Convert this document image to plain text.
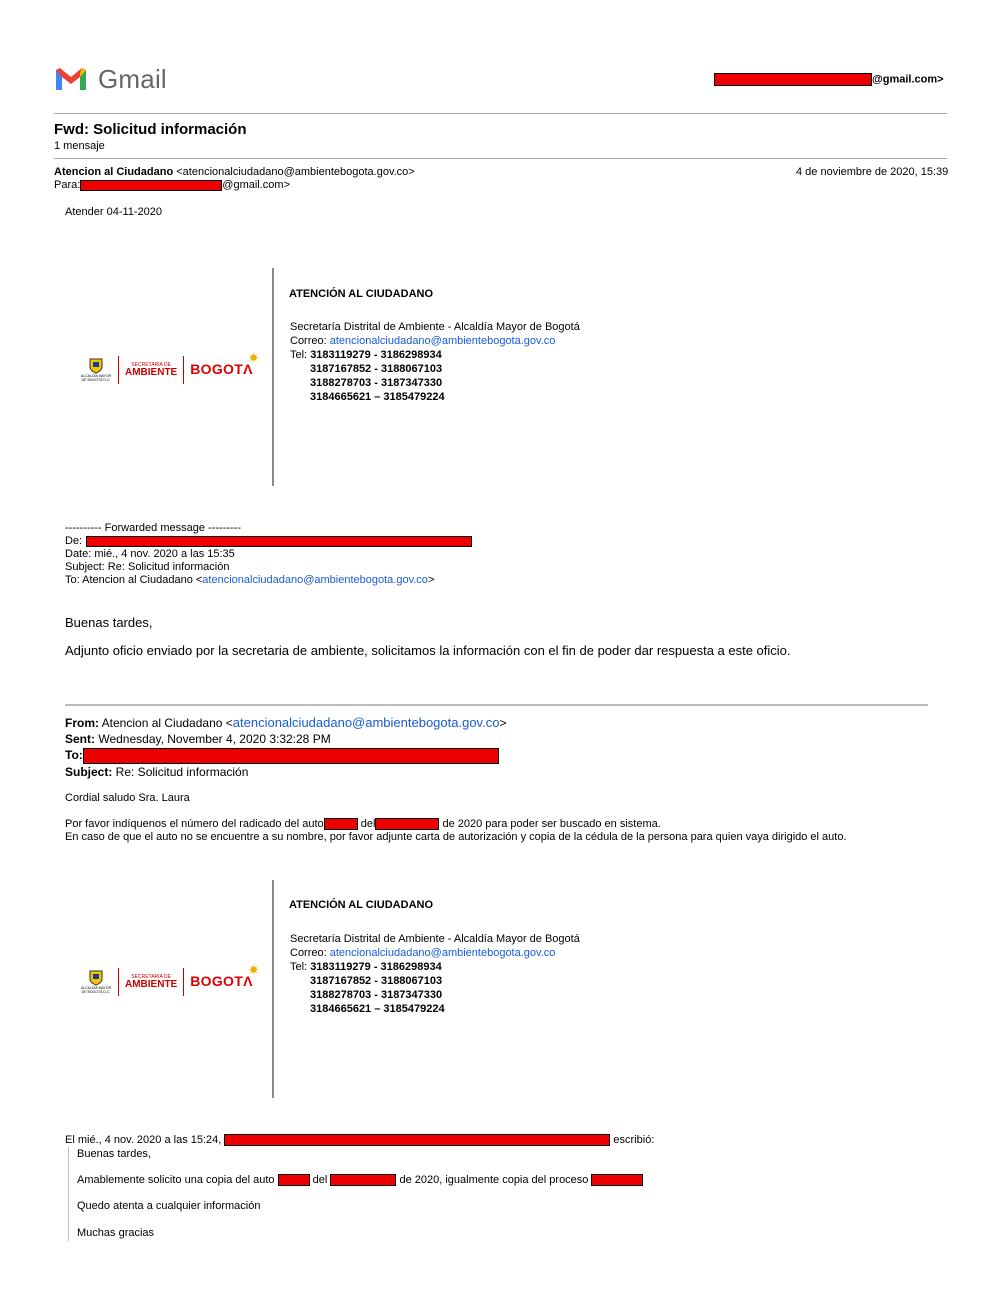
Gmail	@gmail.com>
Fwd: Solicitud información
1 mensaje
Atencion al Ciudadano <atencionalciudadano@ambientebogota.gov.co>	4 de noviembre de 2020, 15:39
Para:	@gmail.com>
Atender 04-11-2020
ALCALDÍA MAYOR DE BOGOTÁ D.C.
SECRETARÍA DE
AMBIENTE BOGOTΛ
✸
ATENCIÓN AL CIUDADANO
Secretaría Distrital de Ambiente - Alcaldía Mayor de Bogotá
Correo: atencionalciudadano@ambientebogota.gov.co
Tel: 3183119279 - 3186298934
3187167852 - 3188067103
3188278703 - 3187347330
3184665621 – 3185479224
---------- Forwarded message ---------
De:
Date: mié., 4 nov. 2020 a las 15:35
Subject: Re: Solicitud información
To: Atencion al Ciudadano <atencionalciudadano@ambientebogota.gov.co>
Buenas tardes,
Adjunto oficio enviado por la secretaria de ambiente, solicitamos la información con el fin de poder dar respuesta a este oficio.
From: Atencion al Ciudadano <atencionalciudadano@ambientebogota.gov.co>
Sent: Wednesday, November 4, 2020 3:32:28 PM
To:
Subject: Re: Solicitud información
Cordial saludo Sra. Laura
Por favor indíquenos el número del radicado del auto	del	de 2020 para poder ser buscado en sistema.
En caso de que el auto no se encuentre a su nombre, por favor adjunte carta de autorización y copia de la cédula de la persona para quien vaya dirigido el auto.
ALCALDÍA MAYOR DE BOGOTÁ D.C.
SECRETARÍA DE
AMBIENTE BOGOTΛ
✸
ATENCIÓN AL CIUDADANO
Secretaría Distrital de Ambiente - Alcaldía Mayor de Bogotá
Correo: atencionalciudadano@ambientebogota.gov.co
Tel: 3183119279 - 3186298934
3187167852 - 3188067103
3188278703 - 3187347330
3184665621 – 3185479224
El mié., 4 nov. 2020 a las 15:24,	escribió:
Buenas tardes,
Amablemente solicito una copia del auto	del	de 2020, igualmente copia del proceso
Quedo atenta a cualquier información
Muchas gracias
